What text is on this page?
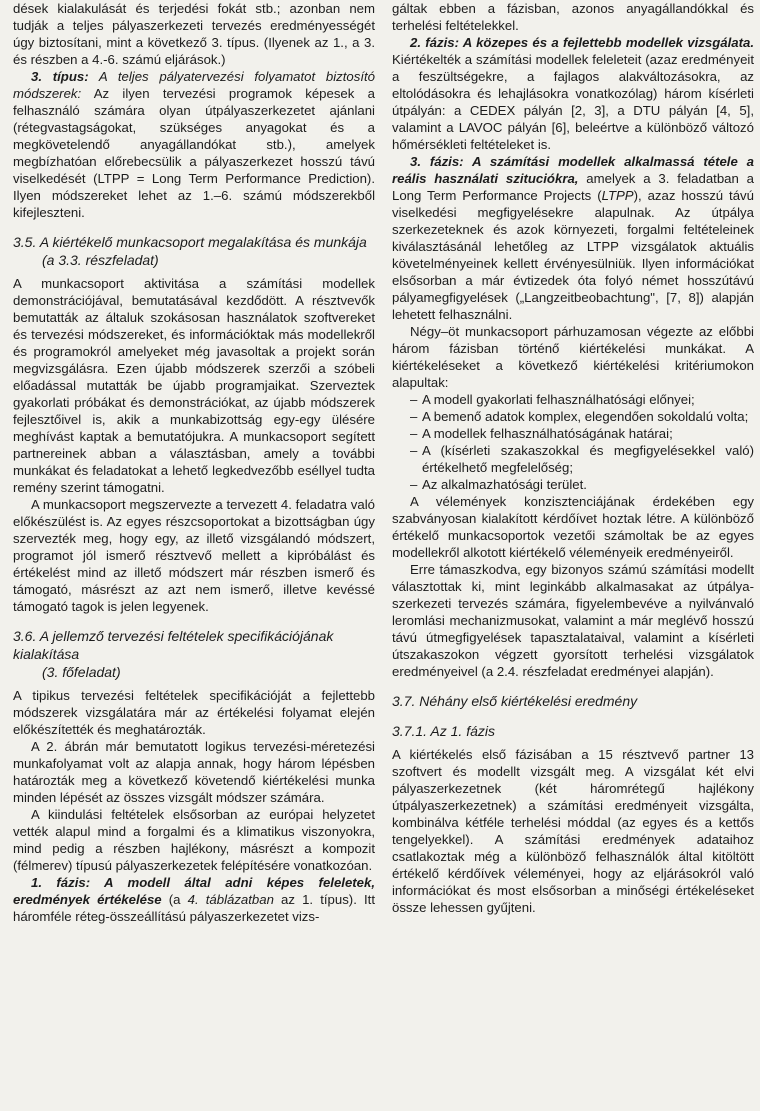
dések kialakulását és terjedési fokát stb.; azonban nem tudják a teljes pályaszerkezeti tervezés eredményességét úgy biztosítani, mint a következő 3. típus. (Ilyenek az 1., a 3. és részben a 4.-6. számú eljárások.)

3. típus: A teljes pályatervezési folyamatot biztosító módszerek: Az ilyen tervezési programok képesek a felhasználó számára olyan útpályaszerkezetet ajánlani (rétegvastagságokat, szükséges anyagokat és a megkövetelendő anyagállandókat stb.), amelyek megbízhatóan előrebecsülik a pályaszerkezet hosszú távú viselkedését (LTPP = Long Term Performance Prediction). Ilyen módszereket lehet az 1.–6. számú módszerekből kifejleszteni.

3.5. A kiértékelő munkacsoport megalakítása és munkája
(a 3.3. részfeladat)

A munkacsoport aktivitása a számítási modellek demonstrációjával, bemutatásával kezdődött. A résztvevők bemutatták az általuk szokásosan használatok szoftvereket és tervezési módszereket, és információktak más modellekről és programokról amelyeket még javasoltak a projekt során megvizsgálásra. Ezen újabb módszerek szerzői a szóbeli előadással mutatták be újabb programjaikat. Szerveztek gyakorlati próbákat és demonstrációkat, az újabb módszerek fejlesztőivel is, akik a munkabizottság egy-egy ülésére meghívást kaptak a bemutatójukra. A munkacsoport segített partnereinek abban a választásban, amely a további munkákat és feladatokat a lehető legkedvezőbb eséllyel tudta remény szerint támogatni.

A munkacsoport megszervezte a tervezett 4. feladatra való előkészülést is. Az egyes részcsoportokat a bizottságban úgy szervezték meg, hogy egy, az illető vizsgálandó módszert, programot jól ismerő résztvevő mellett a kipróbálást és értékelést mind az illető módszert már részben ismerő és támogató, másrészt az azt nem ismerő, illetve kevéssé támogató tagok is jelen legyenek.

3.6. A jellemző tervezési feltételek specifikációjának kialakítása
(3. főfeladat)

A tipikus tervezési feltételek specifikációját a fejlettebb módszerek vizsgálatára már az értékelési folyamat elején előkészítették és meghatározták.

A 2. ábrán már bemutatott logikus tervezési-méretezési munkafolyamat volt az alapja annak, hogy három lépésben határozták meg a következő követendő kiértékelési munka minden lépését az összes vizsgált módszer számára.

A kiindulási feltételek elsősorban az európai helyzetet vették alapul mind a forgalmi és a klimatikus viszonyokra, mind pedig a részben hajlékony, másrészt a kompozit (félmerev) típusú pályaszerkezetek felépítésére vonatkozóan.

1. fázis: A modell által adni képes feleletek, eredmények értékelése (a 4. táblázatban az 1. típus). Itt háromféle réteg-összeállítású pályaszerkezetet vizs-

gáltak ebben a fázisban, azonos anyagállandókkal és terhelési feltételekkel.

2. fázis: A közepes és a fejlettebb modellek vizsgálata. Kiértékelték a számítási modellek feleleteit (azaz eredményeit a feszültségekre, a fajlagos alakváltozásokra, az eltolódásokra és lehajlásokra vonatkozólag) három kísérleti útpályán: a CEDEX pályán [2, 3], a DTU pályán [4, 5], valamint a LAVOC pályán [6], beleértve a különböző változó hőmérsékleti feltételeket is.

3. fázis: A számítási modellek alkalmassá tétele a reális használati szituciókra, amelyek a 3. feladatban a Long Term Performance Projects (LTPP), azaz hosszú távú viselkedési megfigyelésekre alapulnak. Az útpálya szerkezeteknek és azok környezeti, forgalmi feltételeinek kiválasztásánál lehetőleg az LTPP vizsgálatok aktuális követelményeinek kellett érvényesülniük. Ilyen információkat elsősorban a már évtizedek óta folyó német hosszútávú pályamegfigyelések („Langzeitbeobachtung", [7, 8]) alapján lehetett felhasználni.

Négy–öt munkacsoport párhuzamosan végezte az előbbi három fázisban történő kiértékelési munkákat. A kiértékeléseket a következő kiértékelési kritériumokon alapultak:

– A modell gyakorlati felhasználhatósági előnyei;
– A bemenő adatok komplex, elegendően sokoldalú volta;
– A modellek felhasználhatóságának határai;
– A (kísérleti szakaszokkal és megfigyelésekkel való) értékelhető megfelelőség;
– Az alkalmazhatósági terület.

A vélemények konzisztenciájának érdekében egy szabványosan kialakított kérdőívet hoztak létre. A különböző értékelő munkacsoportok vezetői számoltak be az egyes modellekről alkotott kiértékelő véleményeik eredményeiről.

Erre támaszkodva, egy bizonyos számú számítási modellt választottak ki, mint leginkább alkalmasakat az útpálya-szerkezeti tervezés számára, figyelembevéve a nyilvánvaló leromlási mechanizmusokat, valamint a már meglévő hosszú távú útmegfigyelések tapasztalataival, valamint a kísérleti útszakaszokon végzett gyorsított terhelési vizsgálatok eredményeivel (a 2.4. részfeladat eredményei alapján).

3.7. Néhány első kiértékelési eredmény
3.7.1. Az 1. fázis

A kiértékelés első fázisában a 15 résztvevő partner 13 szoftvert és modellt vizsgált meg. A vizsgálat két elvi pályaszerkezetnek (két háromrétegű hajlékony útpályaszerkezetnek) a számítási eredményeit vizsgálta, kombinálva kétféle terhelési móddal (az egyes és a kettős tengelyekkel). A számítási eredmények adataihoz csatlakoztak még a különböző felhasználók által kitöltött értékelő kérdőívek véleményei, hogy az eljárásokról való információkat és most elsősorban a minőségi értékeléseket össze lehessen gyűjteni.
